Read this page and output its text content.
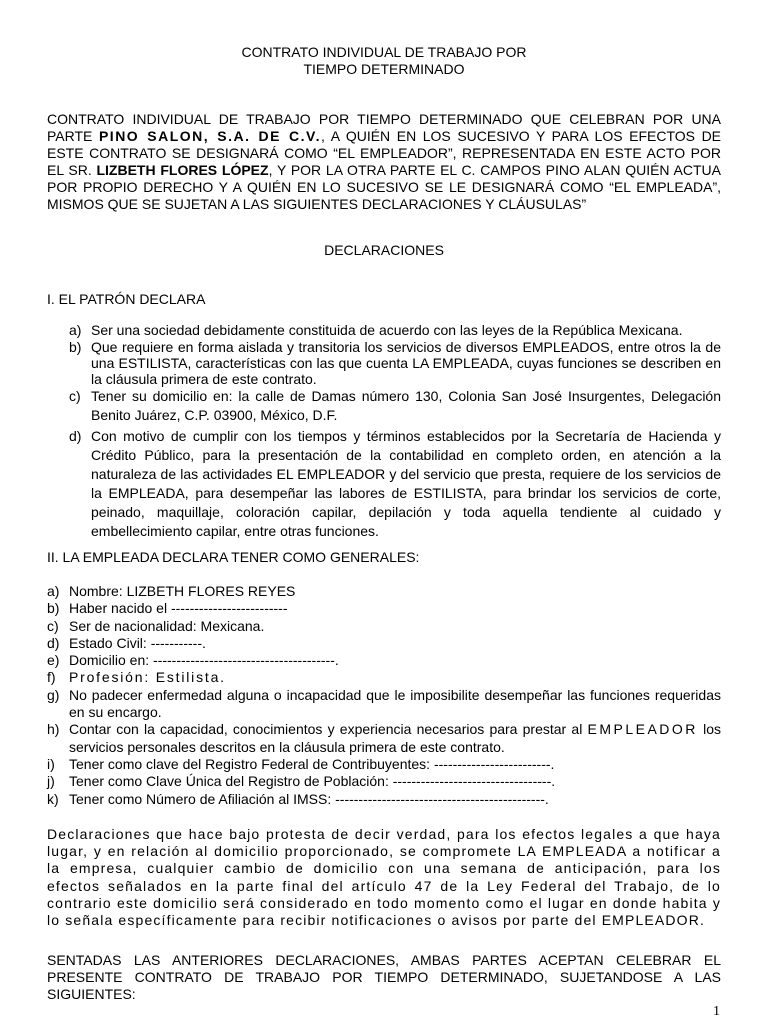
CONTRATO INDIVIDUAL DE TRABAJO POR
TIEMPO DETERMINADO
CONTRATO INDIVIDUAL DE TRABAJO POR TIEMPO DETERMINADO QUE CELEBRAN POR UNA PARTE PINO SALON, S.A. DE C.V., A QUIÉN EN LOS SUCESIVO Y PARA LOS EFECTOS DE ESTE CONTRATO SE DESIGNARÁ COMO “EL EMPLEADOR”, REPRESENTADA EN ESTE ACTO POR EL SR. LIZBETH FLORES LÓPEZ, Y POR LA OTRA PARTE EL C. CAMPOS PINO ALAN QUIÉN ACTUA POR PROPIO DERECHO Y A QUIÉN EN LO SUCESIVO SE LE DESIGNARÁ COMO “EL EMPLEADA”, MISMOS QUE SE SUJETAN A LAS SIGUIENTES DECLARACIONES Y CLÁUSULAS”
DECLARACIONES
I. EL PATRÓN DECLARA
a) Ser una sociedad debidamente constituida de acuerdo con las leyes de la República Mexicana.
b) Que requiere en forma aislada y transitoria los servicios de diversos EMPLEADOS, entre otros la de una ESTILISTA, características con las que cuenta LA EMPLEADA, cuyas funciones se describen en la cláusula primera de este contrato.
c) Tener su domicilio en: la calle de Damas número 130, Colonia San José Insurgentes, Delegación Benito Juárez, C.P. 03900, México, D.F.
d) Con motivo de cumplir con los tiempos y términos establecidos por la Secretaría de Hacienda y Crédito Público, para la presentación de la contabilidad en completo orden, en atención a la naturaleza de las actividades EL EMPLEADOR y del servicio que presta, requiere de los servicios de la EMPLEADA, para desempeñar las labores de ESTILISTA, para brindar los servicios de corte, peinado, maquillaje, coloración capilar, depilación y toda aquella tendiente al cuidado y embellecimiento capilar, entre otras funciones.
II. LA EMPLEADA DECLARA TENER COMO GENERALES:
a) Nombre: LIZBETH FLORES REYES
b) Haber nacido el -------------------------
c) Ser de nacionalidad: Mexicana.
d) Estado Civil: -----------.
e) Domicilio en: ---------------------------------------.
f) Profesión: Estilista.
g) No padecer enfermedad alguna o incapacidad que le imposibilite desempeñar las funciones requeridas en su encargo.
h) Contar con la capacidad, conocimientos y experiencia necesarios para prestar al EMPLEADOR los servicios personales descritos en la cláusula primera de este contrato.
i) Tener como clave del Registro Federal de Contribuyentes: -------------------------.
j) Tener como Clave Única del Registro de Población: ----------------------------------.
k) Tener como Número de Afiliación al IMSS: ---------------------------------------------.
Declaraciones que hace bajo protesta de decir verdad, para los efectos legales a que haya lugar, y en relación al domicilio proporcionado, se compromete LA EMPLEADA a notificar a la empresa, cualquier cambio de domicilio con una semana de anticipación, para los efectos señalados en la parte final del artículo 47 de la Ley Federal del Trabajo, de lo contrario este domicilio será considerado en todo momento como el lugar en donde habita y lo señala específicamente para recibir notificaciones o avisos por parte del EMPLEADOR.
SENTADAS LAS ANTERIORES DECLARACIONES, AMBAS PARTES ACEPTAN CELEBRAR EL PRESENTE CONTRATO DE TRABAJO POR TIEMPO DETERMINADO, SUJETANDOSE A LAS SIGUIENTES:
1
